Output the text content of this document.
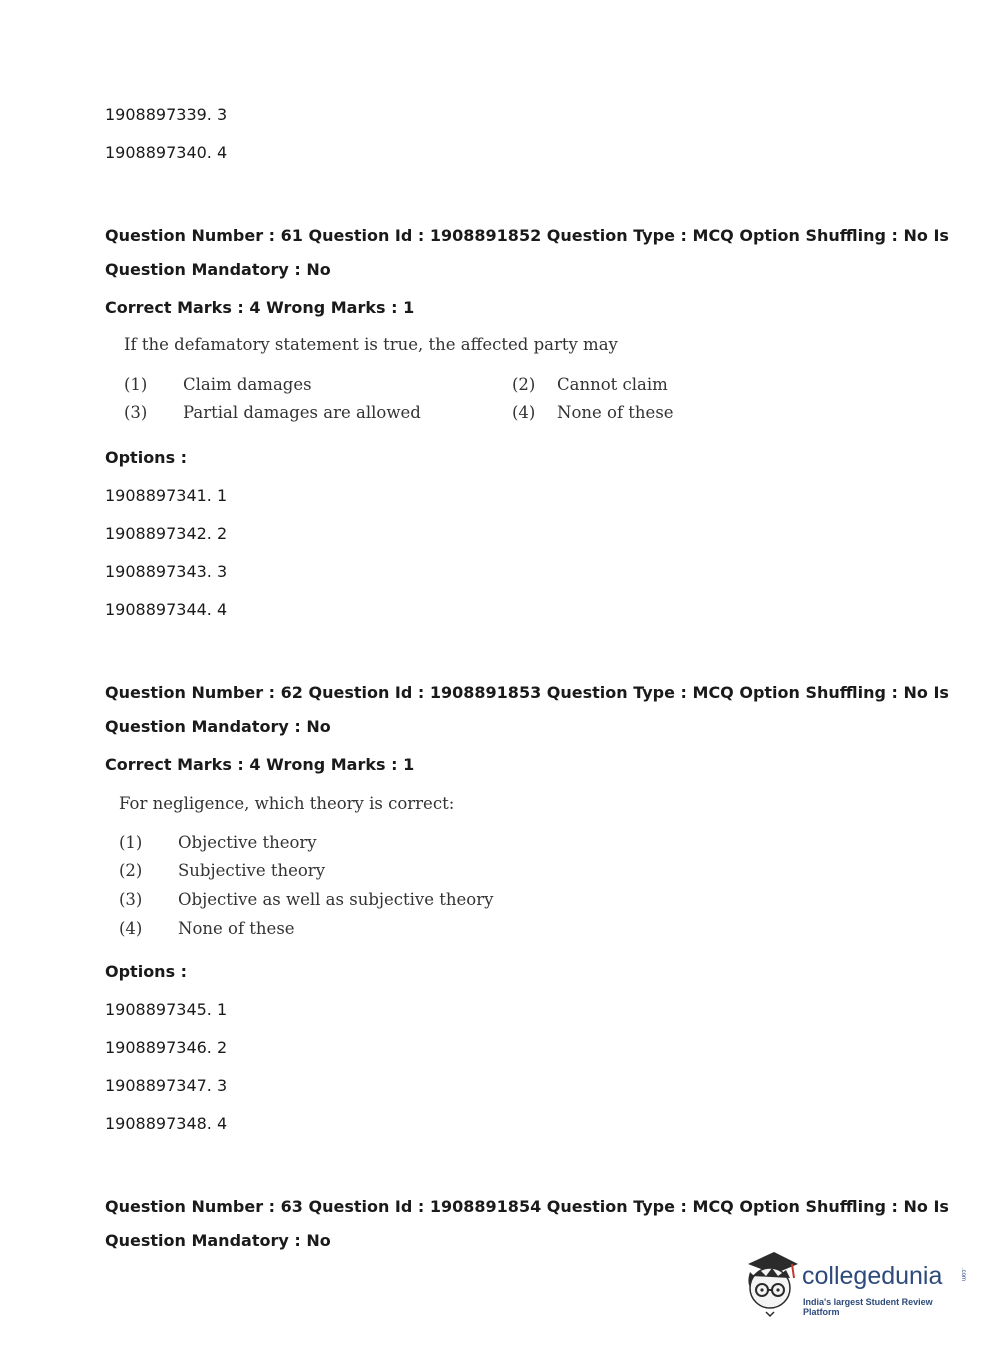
1908897339. 3
1908897340. 4
Question Number : 61 Question Id : 1908891852 Question Type : MCQ Option Shuffling : No Is
Question Mandatory : No
Correct Marks : 4 Wrong Marks : 1
If the defamatory statement is true, the affected party may
(1) Claim damages	(2) Cannot claim
(3) Partial damages are allowed	(4) None of these
Options :
1908897341. 1
1908897342. 2
1908897343. 3
1908897344. 4
Question Number : 62 Question Id : 1908891853 Question Type : MCQ Option Shuffling : No Is
Question Mandatory : No
Correct Marks : 4 Wrong Marks : 1
For negligence, which theory is correct:
(1) Objective theory
(2) Subjective theory
(3) Objective as well as subjective theory
(4) None of these
Options :
1908897345. 1
1908897346. 2
1908897347. 3
1908897348. 4
Question Number : 63 Question Id : 1908891854 Question Type : MCQ Option Shuffling : No Is
Question Mandatory : No
collegedunia	.com
India's largest Student Review Platform
